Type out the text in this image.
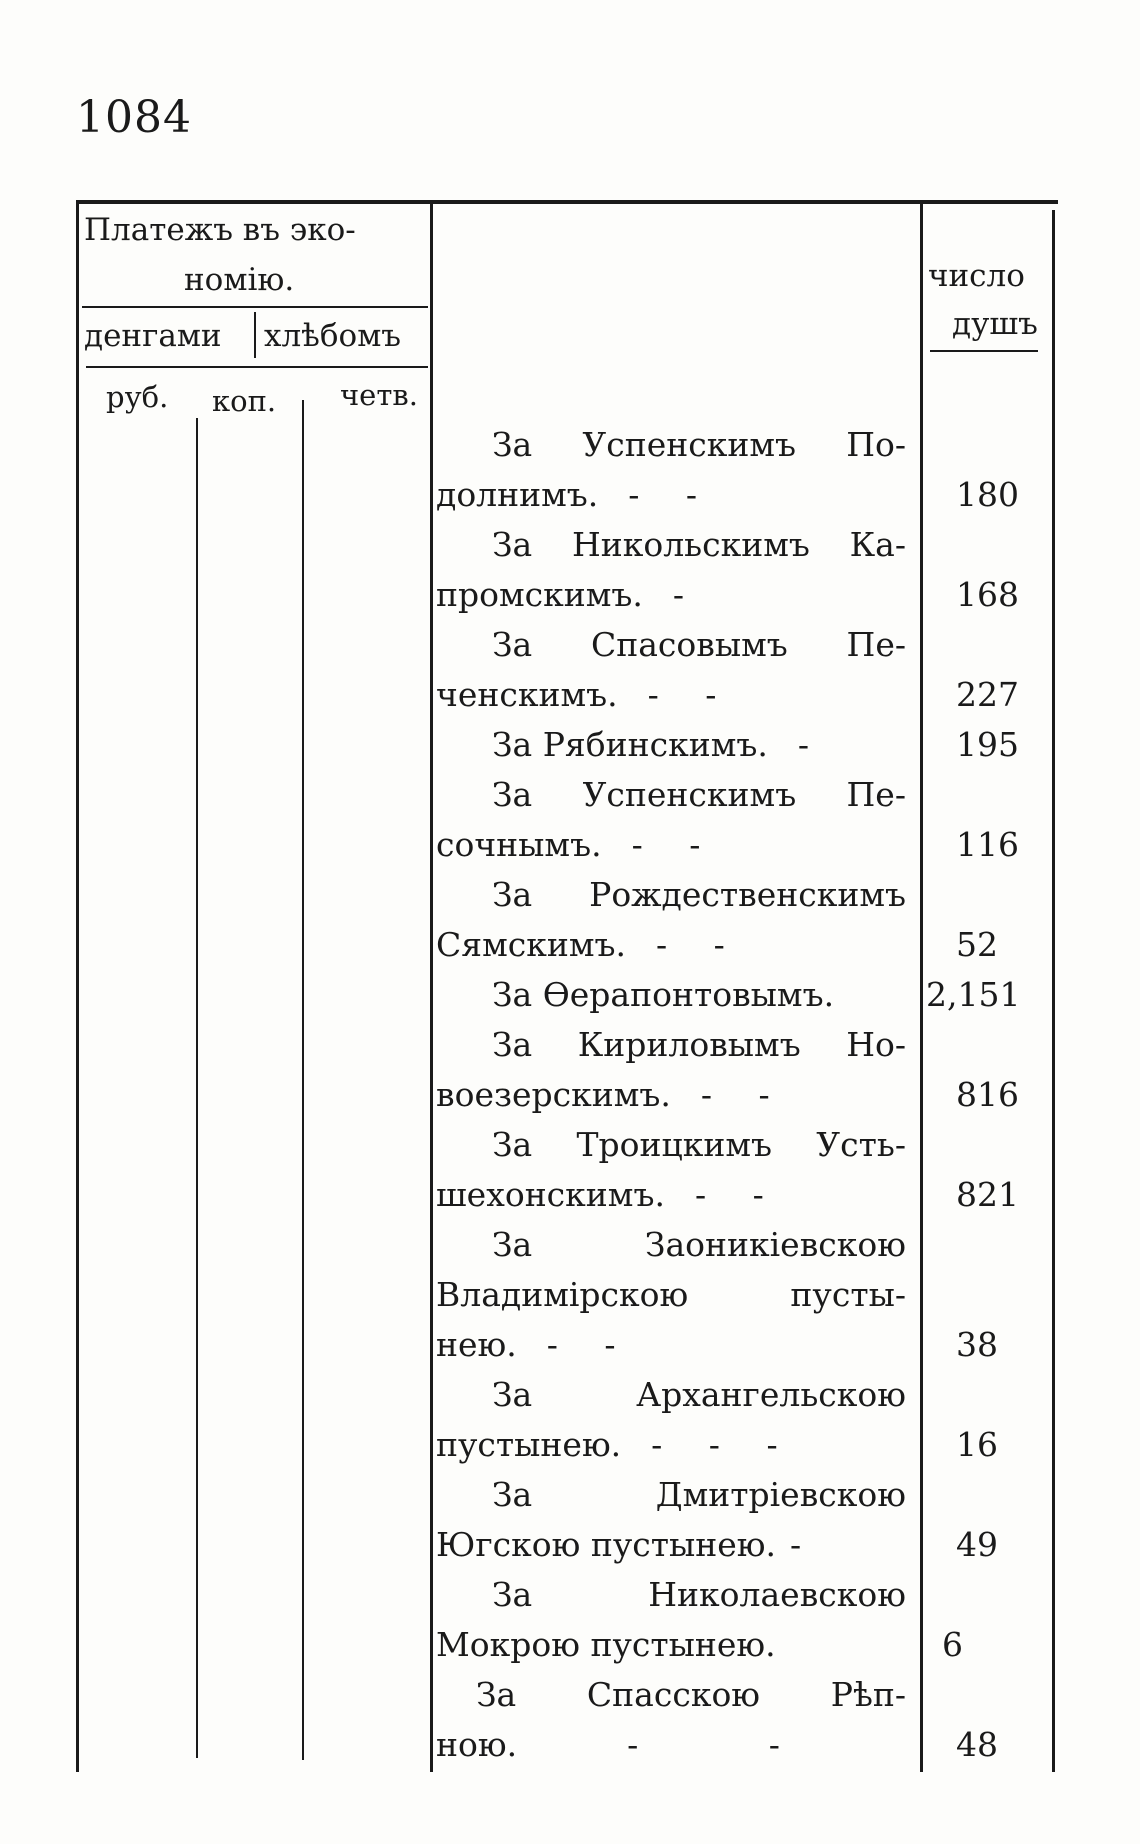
1084
Платежъ въ эко-
номію.
денгами хлѣбомъ
руб. коп. четв.
число
душъ
За Успенскимъ По-
долнимъ. - -	180
За Никольскимъ Ка-
промскимъ. -	168
За Спасовымъ Пе-
ченскимъ. - -	227
За Рябинскимъ. -	195
За Успенскимъ Пе-
сочнымъ. - -	116
За Рождественскимъ
Сямскимъ. - -	52
За Ѳерапонтовымъ.	2,151
За Кириловымъ Но-
воезерскимъ. - -	816
За Троицкимъ Усть-
шехонскимъ. - -	821
За Заоникіевскою
Владимірскою пусты-
нею. - -	38
За Архангельскою
пустынею. - - -	16
За Дмитріевскою
Югскою пустынею. -	49
За Николаевскою
Мокрою пустынею.	6
За Спасскою Рѣп-
ною.	- -	48
